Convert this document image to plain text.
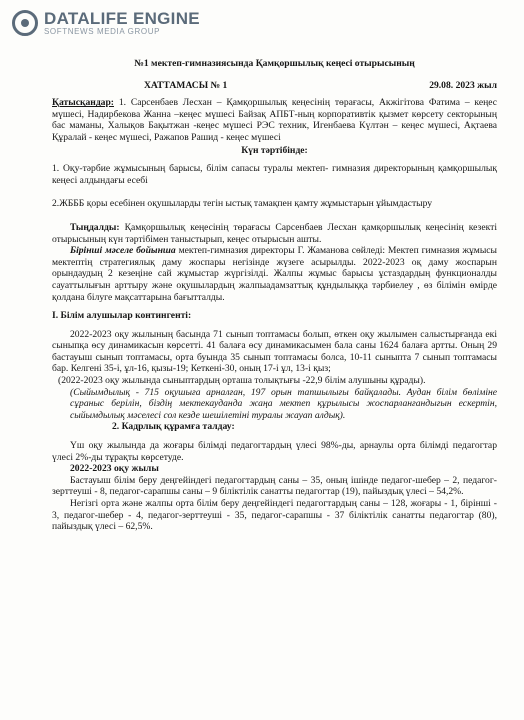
DATALIFE ENGINE
SOFTNEWS MEDIA GROUP

№1 мектеп-гимназиясында Қамқоршылық кеңесі отырысының

ХАТТАМАСЫ № 1	29.08. 2023 жыл

Қатысқандар: 1. Сарсенбаев Лесхан – Қамқоршылық кеңесінің төрағасы, Акжігітова Фатима – кеңес мүшесі, Надирбекова Жанна –кеңес мүшесі Байзақ АПБТ-ның корпоративтік қызмет көрсету секторының бас маманы, Халықов Бақытжан -кеңес мүшесі РЭС техник, Игенбаева Күлтән – кеңес мүшесі, Ақтаева Құралай - кеңес мүшесі, Ражапов Рашид - кеңес мүшесі

Күн тәртібінде:

1. Оқу-тәрбие жұмысының барысы, білім сапасы туралы мектеп- гимназия директорының қамқоршылық кеңесі алдындағы есебі

2.ЖБББ қоры есебінен оқушыларды тегін ыстық тамақпен қамту жұмыстарын ұйымдастыру

Тыңдалды: Қамқоршылық кеңесінің төрағасы Сарсенбаев Лесхан қамқоршылық кеңесінің кезекті отырысының күн тәртібімен таныстырып, кеңес отырысын ашты.

Бірінші мәселе бойынша мектеп-гимназия директоры Г. Жаманова сөйледі: Мектеп гимназия жұмысы мектептің стратегиялық даму жоспары негізінде жүзеге асырылды. 2022-2023 оқ даму жоспарын орындаудың 2 кезеңіне сай жұмыстар жүргізілді. Жалпы жұмыс барысы ұстаздардың функционалды сауаттылығын арттыру және оқушылардың жалпыадамзаттық құндылыққа тәрбиелеу , өз білімін өмірде қолдана білуге мақсаттарына бағытталды.

I. Білім алушылар контингенті:

2022-2023 оқу жылының басында 71 сынып топтамасы болып, өткен оқу жылымен салыстырғанда екі сыныпқа өсу динамикасын көрсетті. 41 балаға өсу динамикасымен бала саны 1624 балаға артты. Оның 29 бастауыш сынып топтамасы, орта буында 35 сынып топтамасы болса, 10-11 сыныпта 7 сынып топтамасы бар. Келгені 35-і, ұл-16, қызы-19; Кеткені-30, оның 17-і ұл, 13-і қыз;

(2022-2023 оқу жылында сыныптардың орташа толықтығы -22,9 білім алушыны құрады).

(Сыйымдылық - 715 оқушыға арналған, 197 орын тапшылығы байқалады. Аудан білім бөліміне сұраныс берілін, біздің мектекауданда жаңа мектеп құрылысы жоспарланғандығын ескертін, сыйымдылық мәселесі сол кезде шешілетіні туралы жауап алдық).

2. Кадрлық құрамға талдау:

Үш оқу жылында да жоғары білімді педагогтардың үлесі 98%-ды, арнаулы орта білімді педагогтар үлесі 2%-ды тұрақты көрсетуде.

2022-2023 оқу жылы

Бастауыш білім беру деңгейіндегі педагогтардың саны – 35, оның ішінде педагог-шебер – 2, педагог-зерттеуші - 8, педагог-сарапшы саны – 9 біліктілік санатты педагогтар (19), пайыздық үлесі – 54,2%.

Негізгі орта және жалпы орта білім беру деңгейіндегі педагогтардың саны – 128, жоғары - 1, бірінші - 3, педагог-шебер - 4, педагог-зерттеуші - 35, педагог-сарапшы - 37 біліктілік санатты педагогтар (80), пайыздық үлесі – 62,5%.
